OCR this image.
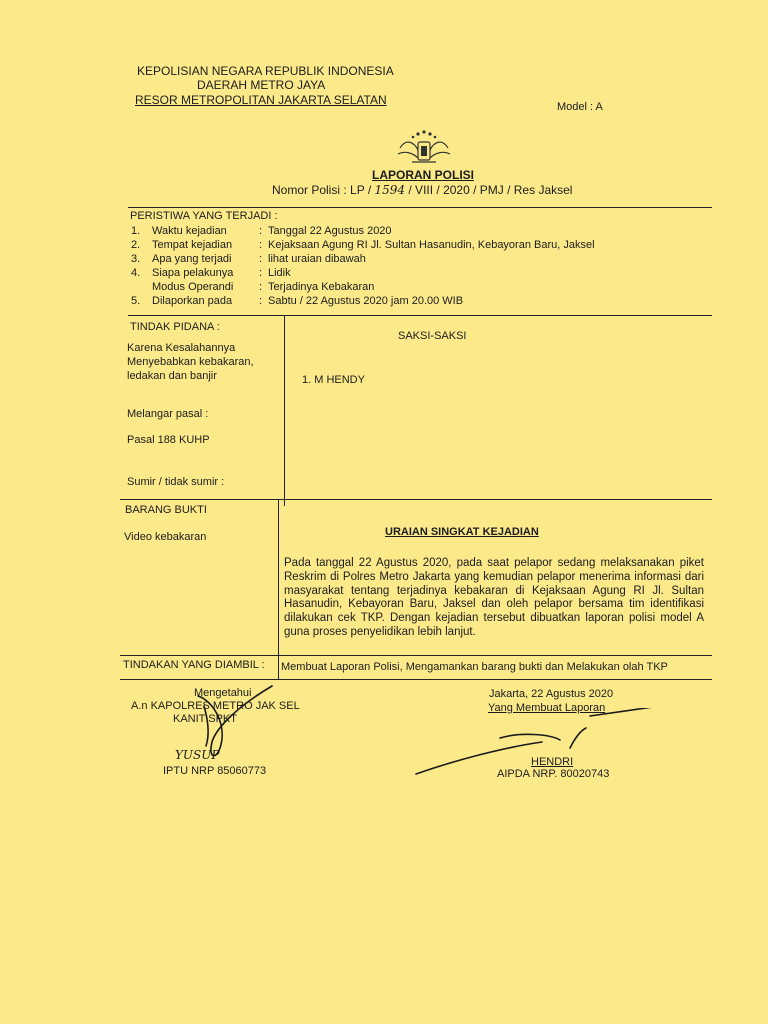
KEPOLISIAN NEGARA REPUBLIK INDONESIA
DAERAH METRO JAYA
RESOR METROPOLITAN JAKARTA SELATAN	Model : A
LAPORAN POLISI
Nomor Polisi : LP / 1594 / VIII / 2020 / PMJ / Res Jaksel
PERISTIWA YANG TERJADI :
1. Waktu kejadian	: Tanggal 22 Agustus 2020
2. Tempat kejadian : Kejaksaan Agung RI Jl. Sultan Hasanudin, Kebayoran Baru, Jaksel
3. Apa yang terjadi	: lihat uraian dibawah
4. Siapa pelakunya : Lidik
Modus Operandi : Terjadinya Kebakaran
5. Dilaporkan pada : Sabtu / 22 Agustus 2020 jam 20.00 WIB
TINDAK PIDANA :
Karena Kesalahannya
Menyebabkan kebakaran,
ledakan dan banjir
Melangar pasal :
Pasal 188 KUHP
Sumir / tidak sumir :
SAKSI-SAKSI
1. M HENDY
BARANG BUKTI
Video kebakaran	URAIAN SINGKAT KEJADIAN
Pada tanggal 22 Agustus 2020, pada saat pelapor sedang melaksanakan piket Reskrim di Polres Metro Jakarta yang kemudian pelapor menerima informasi dari masyarakat tentang terjadinya kebakaran di Kejaksaan Agung RI Jl. Sultan Hasanudin, Kebayoran Baru, Jaksel dan oleh pelapor bersama tim identifikasi dilakukan cek TKP. Dengan kejadian tersebut dibuatkan laporan polisi model A guna proses penyelidikan lebih lanjut.
TINDAKAN YANG DIAMBIL : Membuat Laporan Polisi, Mengamankan barang bukti dan Melakukan olah TKP
Mengetahui
A.n KAPOLRES METRO JAK SEL
KANIT SPKT
YUSUP
IPTU NRP 85060773
Jakarta, 22 Agustus 2020
Yang Membuat Laporan
HENDRI
AIPDA NRP. 80020743
